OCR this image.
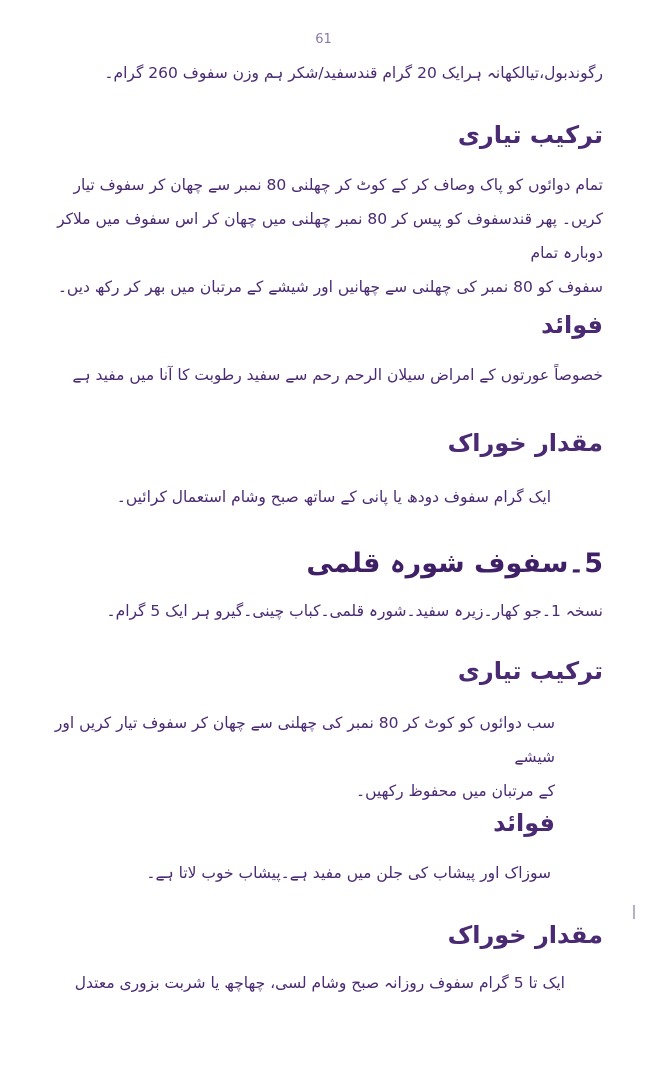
61
رگوندبول،تیالکھانہ ہرایک 20 گرام قندسفید/شکر ہم وزن سفوف 260 گرام۔
ترکیب تیاری
تمام دوائوں کو پاک وصاف کر کے کوٹ کر چھلنی 80 نمبر سے چھان کر سفوف تیار
کریں۔ پھر قندسفوف کو پیس کر 80 نمبر چھلنی میں چھان کر اس سفوف میں ملاکر دوبارہ تمام
سفوف کو 80 نمبر کی چھلنی سے چھانیں اور شیشے کے مرتبان میں بھر کر رکھ دیں۔
فوائد
خصوصاً عورتوں کے امراض سیلان الرحم رحم سے سفید رطوبت کا آنا میں مفید ہے
مقدار خوراک
ایک گرام سفوف دودھ یا پانی کے ساتھ صبح وشام استعمال کرائیں۔
5۔سفوف شورہ قلمی
نسخہ 1۔جو کھار۔زیرہ سفید۔شورہ قلمی۔کباب چینی۔گیرو ہر ایک 5 گرام۔
ترکیب تیاری
سب دوائوں کو کوٹ کر 80 نمبر کی چھلنی سے چھان کر سفوف تیار کریں اور شیشے
کے مرتبان میں محفوظ رکھیں۔
فوائد
سوزاک اور پیشاب کی جلن میں مفید ہے۔پیشاب خوب لاتا ہے۔
مقدار خوراک
ایک تا 5 گرام سفوف روزانہ صبح وشام لسی، چھاچھ یا شربت بزوری معتدل
